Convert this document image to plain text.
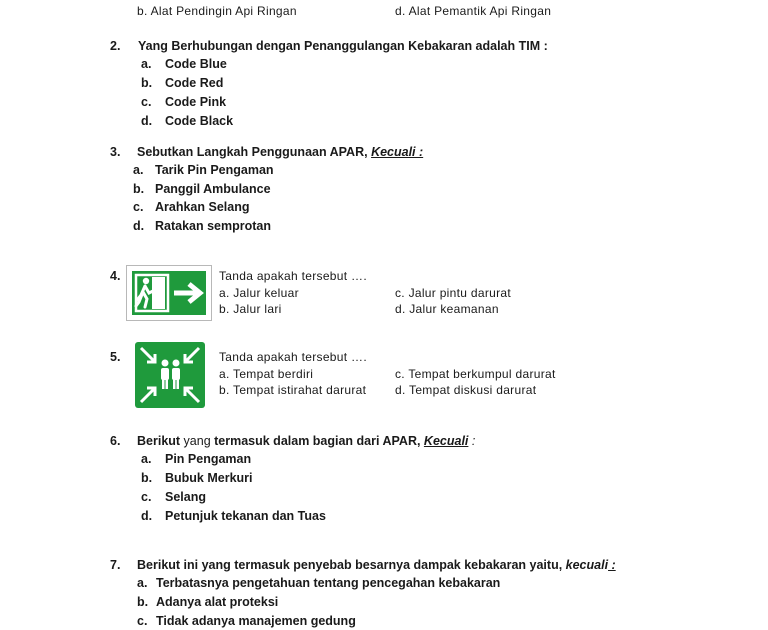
b. Alat Pendingin Api Ringan	d. Alat Pemantik Api Ringan
2. Yang Berhubungan dengan Penanggulangan Kebakaran adalah TIM :
a. Code Blue
b. Code Red
c. Code Pink
d. Code Black
3. Sebutkan Langkah Penggunaan APAR, Kecuali :
a. Tarik Pin Pengaman
b. Panggil Ambulance
c. Arahkan Selang
d. Ratakan semprotan
4.	Tanda apakah tersebut ….
a. Jalur keluar
b. Jalur lari
c. Jalur pintu darurat
d. Jalur keamanan
5.	Tanda apakah tersebut ….
a. Tempat berdiri
b. Tempat istirahat darurat
c. Tempat berkumpul darurat
d. Tempat diskusi darurat
6. Berikut yang termasuk dalam bagian dari APAR, Kecuali :
a. Pin Pengaman
b. Bubuk Merkuri
c. Selang
d. Petunjuk tekanan dan Tuas
7. Berikut ini yang termasuk penyebab besarnya dampak kebakaran yaitu, kecuali :
a. Terbatasnya pengetahuan tentang pencegahan kebakaran
b. Adanya alat proteksi
c. Tidak adanya manajemen gedung
